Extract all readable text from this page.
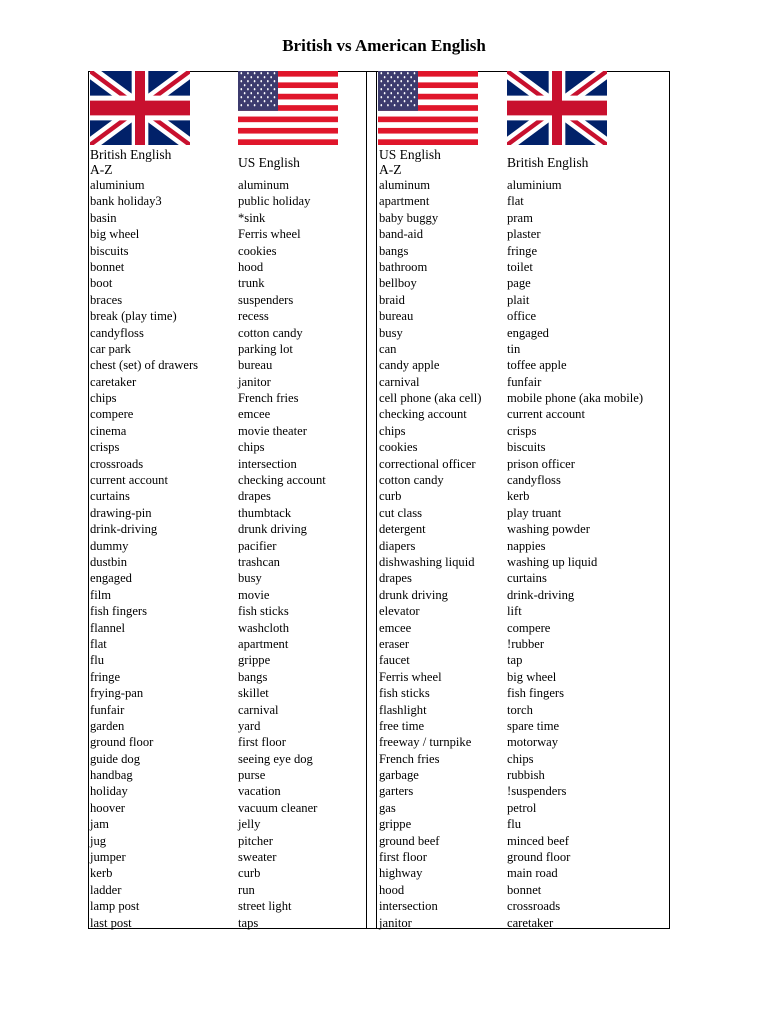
British vs American English
British English
A-Z	US English
US English
A-Z	British English
aluminium
bank holiday3
basin
big wheel
biscuits
bonnet
boot
braces
break (play time)
candyfloss
car park
chest (set) of drawers
caretaker
chips
compere
cinema
crisps
crossroads
current account
curtains
drawing-pin
drink-driving
dummy
dustbin
engaged
film
fish fingers
flannel
flat
flu
fringe
frying-pan
funfair
garden
ground floor
guide dog
handbag
holiday
hoover
jam
jug
jumper
kerb
ladder
lamp post
last post
aluminum
public holiday
*sink
Ferris wheel
cookies
hood
trunk
suspenders
recess
cotton candy
parking lot
bureau
janitor
French fries
emcee
movie theater
chips
intersection
checking account
drapes
thumbtack
drunk driving
pacifier
trashcan
busy
movie
fish sticks
washcloth
apartment
grippe
bangs
skillet
carnival
yard
first floor
seeing eye dog
purse
vacation
vacuum cleaner
jelly
pitcher
sweater
curb
run
street light
taps
aluminum
apartment
baby buggy
band-aid
bangs
bathroom
bellboy
braid
bureau
busy
can
candy apple
carnival
cell phone (aka cell)
checking account
chips
cookies
correctional officer
cotton candy
curb
cut class
detergent
diapers
dishwashing liquid
drapes
drunk driving
elevator
emcee
eraser
faucet
Ferris wheel
fish sticks
flashlight
free time
freeway / turnpike
French fries
garbage
garters
gas
grippe
ground beef
first floor
highway
hood
intersection
janitor
aluminium
flat
pram
plaster
fringe
toilet
page
plait
office
engaged
tin
toffee apple
funfair
mobile phone (aka mobile)
current account
crisps
biscuits
prison officer
candyfloss
kerb
play truant
washing powder
nappies
washing up liquid
curtains
drink-driving
lift
compere
!rubber
tap
big wheel
fish fingers
torch
spare time
motorway
chips
rubbish
!suspenders
petrol
flu
minced beef
ground floor
main road
bonnet
crossroads
caretaker
